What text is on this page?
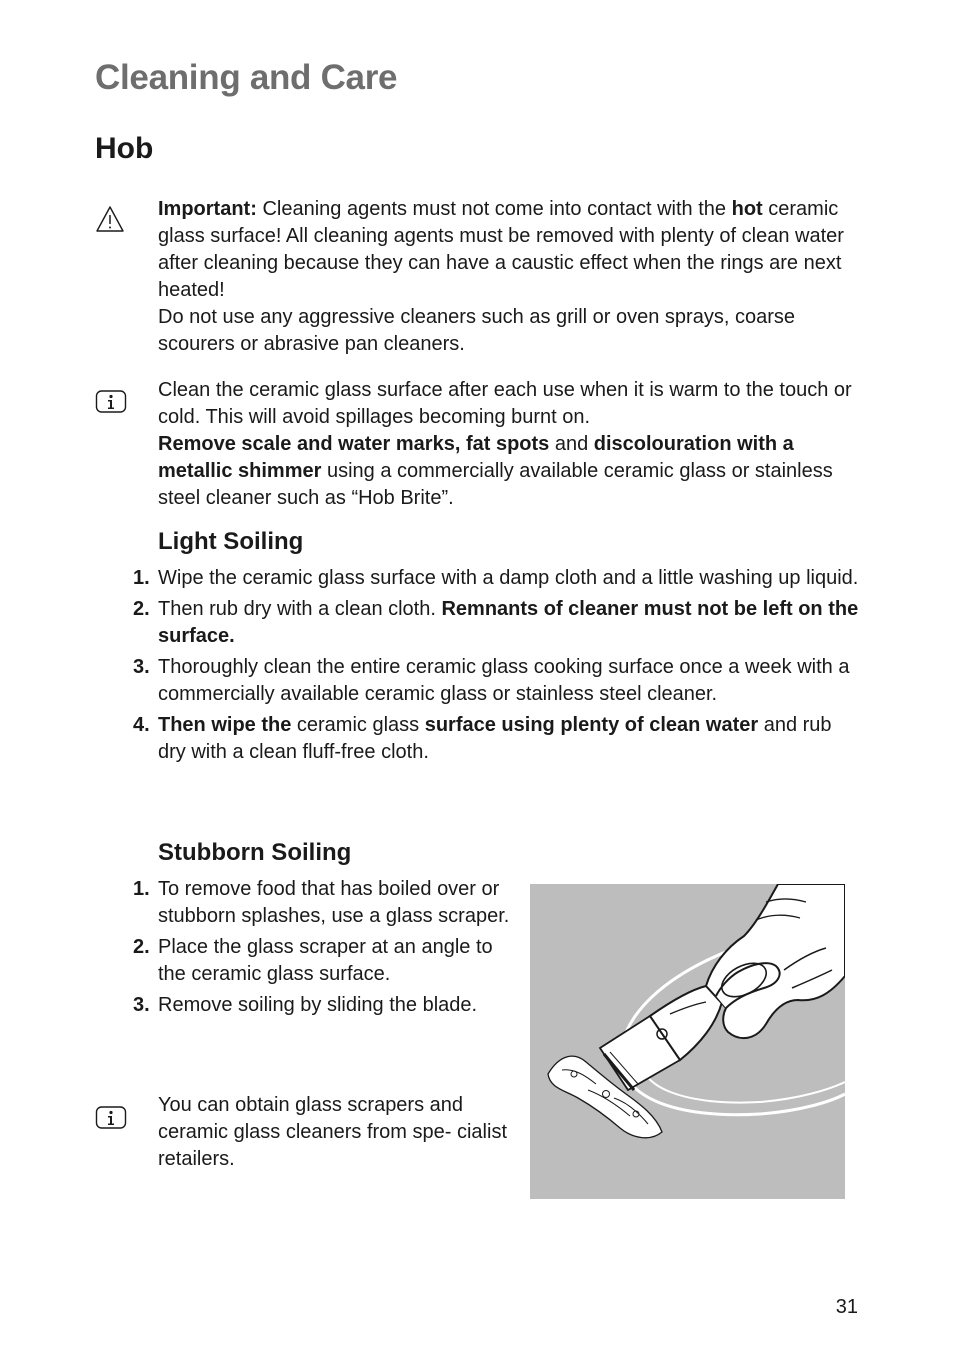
Cleaning and Care
Hob

Important: Cleaning agents must not come into contact with the hot ceramic glass surface! All cleaning agents must be removed with plenty of clean water after cleaning because they can have a caustic effect when the rings are next heated!

Do not use any aggressive cleaners such as grill or oven sprays, coarse scourers or abrasive pan cleaners.

Clean the ceramic glass surface after each use when it is warm to the touch or cold. This will avoid spillages becoming burnt on.

Remove scale and water marks, fat spots and discolouration with a metallic shimmer using a commercially available ceramic glass or stainless steel cleaner such as “Hob Brite”.

Light Soiling
1. Wipe the ceramic glass surface with a damp cloth and a little washing up liquid.
2. Then rub dry with a clean cloth. Remnants of cleaner must not be left on the surface.
3. Thoroughly clean the entire ceramic glass cooking surface once a week with a commercially available ceramic glass or stainless steel cleaner.
4. Then wipe the ceramic glass surface using plenty of clean water and rub dry with a clean fluff-free cloth.
Stubborn Soiling
1. To remove food that has boiled over or stubborn splashes, use a glass scraper.
2. Place the glass scraper at an angle to the ceramic glass surface.
3. Remove soiling by sliding the blade.
You can obtain glass scrapers and ceramic glass cleaners from spe- cialist retailers.
31
